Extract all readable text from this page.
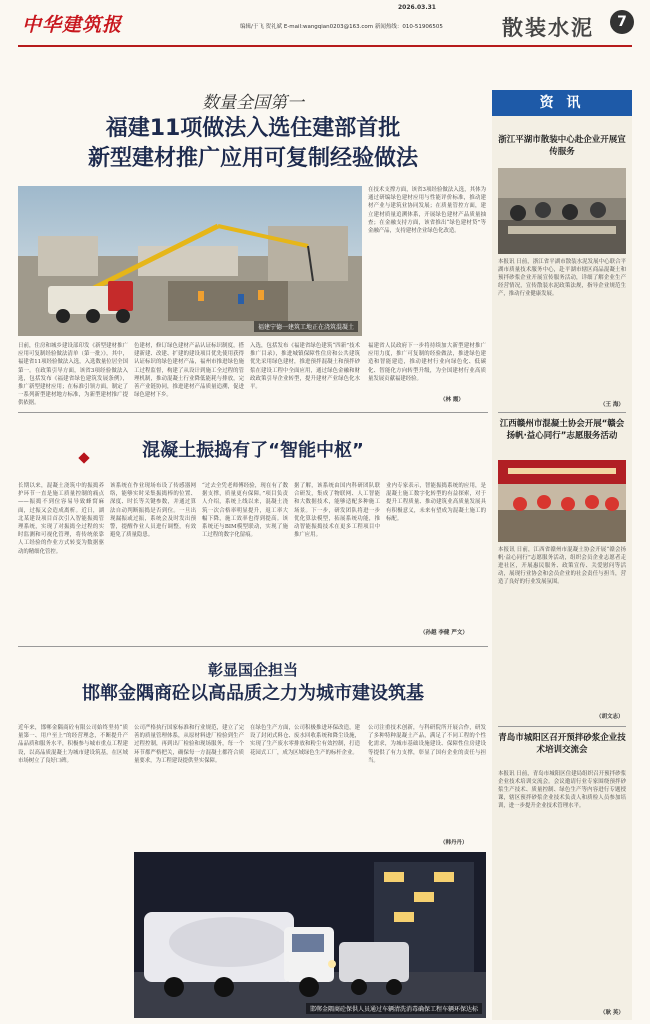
中华建筑报
2026.03.31
编辑/于飞 贺礼斌 E-mail:wangqian0203@163.com 新闻热线：010-51906505	散装水泥	7
数量全国第一
福建11项做法入选住建部首批
新型建材推广应用可复制经验做法
福建宁德一建筑工地正在浇筑混凝土
在技术支撑方面，该省3项经验做法入选，其体为通过研编绿色建材应用与性能评价标准，推动建材产业与建筑业协同发展；在质量管控方面，建立建材质量追溯体系，开展绿色建材产品质量抽查；在金融支持方面，该省推出“绿色建材贷”等金融产品，支持建材企业绿色化改造。
日前，住房和城乡建设部印发《新型建材推广应用可复制经验做法清单（第一批）》，其中，福建省11项经验做法入选，入选数量位居全国第一。在政策引导方面，该省3项经验做法入选，包括发布《福建省绿色建筑发展条例》，推广新型建材应用；在标准引领方面，制定了一系列新型建材地方标准，为新型建材推广提供依据。
色建材，修订绿色建材产品认证标识制度，搭建新建、改建、扩建的建设项目优先使用获得认证标识的绿色建材产品，福州市推进绿色施工过程监督，构建了从设计到施工全过程的管理机制，推动混凝土行业降低能耗与排放，完善产业链协同，推进建材产品质量追溯，促进绿色建材下乡。
入选，包括发布《福建省绿色建筑“四新”技术推广目录》，推进城镇保障性住房和公共建筑优先采用绿色建材，推进预拌混凝土和预拌砂浆在建设工程中全面应用，通过绿色金融和财政政策引导企业转型，提升建材产业绿色化水平。
福建省人民政府下一步将持续加大新型建材推广应用力度，推广可复制的经验做法，推进绿色建造和智能建造，推动建材行业向绿色化、低碳化、智能化方向转型升级，为全国建材行业高质量发展贡献福建经验。
（林 霞）
混凝土振捣有了“智能中枢”
长期以来，混凝土浇筑中的振捣养护环节一直是施工质量控制的痛点——振捣不到位容易导致蜂窝麻面，过振又会造成离析。近日，湖北某建设项目首次引入智能振捣管理系统，实现了对振捣全过程的实时监测和可视化管理，将传统依靠人工经验的作业方式转变为数据驱动的精细化管控。
该系统在作业现场布设了传感器网络，能够实时采集振捣棒的位置、深度、时长等关键参数，并通过算法自动判断振捣是否到位。一旦出现漏振或过振，系统会及时发出预警，提醒作业人员进行调整，有效避免了质量隐患。
“过去全凭老师傅经验，现在有了数据支撑，质量更有保障。”项目负责人介绍，系统上线以来，混凝土浇筑一次合格率明显提升，返工率大幅下降，施工效率也得到提高。该系统还与BIM模型联动，实现了施工过程的数字化留痕。
据了解，该系统由国内科研团队联合研发，集成了物联网、人工智能和大数据技术，能够适配多种施工场景。下一步，研发团队将进一步优化算法模型，拓展系统功能，推动智能振捣技术在更多工程项目中推广应用。
业内专家表示，智能振捣系统的应用，是混凝土施工数字化转型的有益探索，对于提升工程质量、推动建筑业高质量发展具有积极意义，未来有望成为混凝土施工的标配。
（孙越 李健 严文）
彰显国企担当
邯郸金隅商砼以高品质之力为城市建设筑基
近年来，邯郸金隅商砼有限公司始终坚持“质量第一、用户至上”的经营理念，不断提升产品品质和服务水平，积极参与城市重点工程建设，以高品质混凝土为城市建设筑基，在区域市场树立了良好口碑。
公司严格执行国家标准和行业规范，建立了完善的质量管理体系，从原材料进厂检验到生产过程控制，再到出厂检验和现场服务，每一个环节都严格把关，确保每一方混凝土都符合质量要求，为工程建设提供坚实保障。
在绿色生产方面，公司积极推进环保改造，建设了封闭式料仓、废水回收系统和降尘设施，实现了生产废水零排放和粉尘有效控制，打造花园式工厂，成为区域绿色生产的标杆企业。
公司注重技术创新，与科研院所开展合作，研发了多种特种混凝土产品，满足了不同工程的个性化需求，为城市基础设施建设、保障性住房建设等提供了有力支撑，彰显了国有企业的责任与担当。
（韩丹丹）
邯郸金隅商砼保供人员通过车辆清洗消毒确保工程车辆环保达标
资 讯
浙江平湖市散装中心赴企业开展宣传服务
本报讯 日前，浙江省平湖市散装水泥发展中心联合平湖市质量技术服务中心，赴平湖市辖区商品混凝土和预拌砂浆企业开展宣传服务活动，详细了解企业生产经营情况，宣传散装水泥政策法规，指导企业规范生产，推动行业健康发展。
（王 海）
江西赣州市混凝土协会开展“赣会扬帆·益心同行”志愿服务活动
本报讯 日前，江西省赣州市混凝土协会开展“赣会扬帆·益心同行”志愿服务活动，组织会员企业志愿者走进社区，开展惠民服务、政策宣传、关爱慰问等活动，展现行业协会和会员企业的社会责任与担当，营造了良好的行业发展氛围。
（胡文志）
青岛市城阳区召开预拌砂浆企业技术培训交流会
本报讯 日前，青岛市城阳区住建局组织召开预拌砂浆企业技术培训交流会。会议邀请行业专家围绕预拌砂浆生产技术、质量控制、绿色生产等内容进行专题授课，辖区预拌砂浆企业技术负责人和质检人员参加培训，进一步提升企业技术管理水平。
（耿 英）
